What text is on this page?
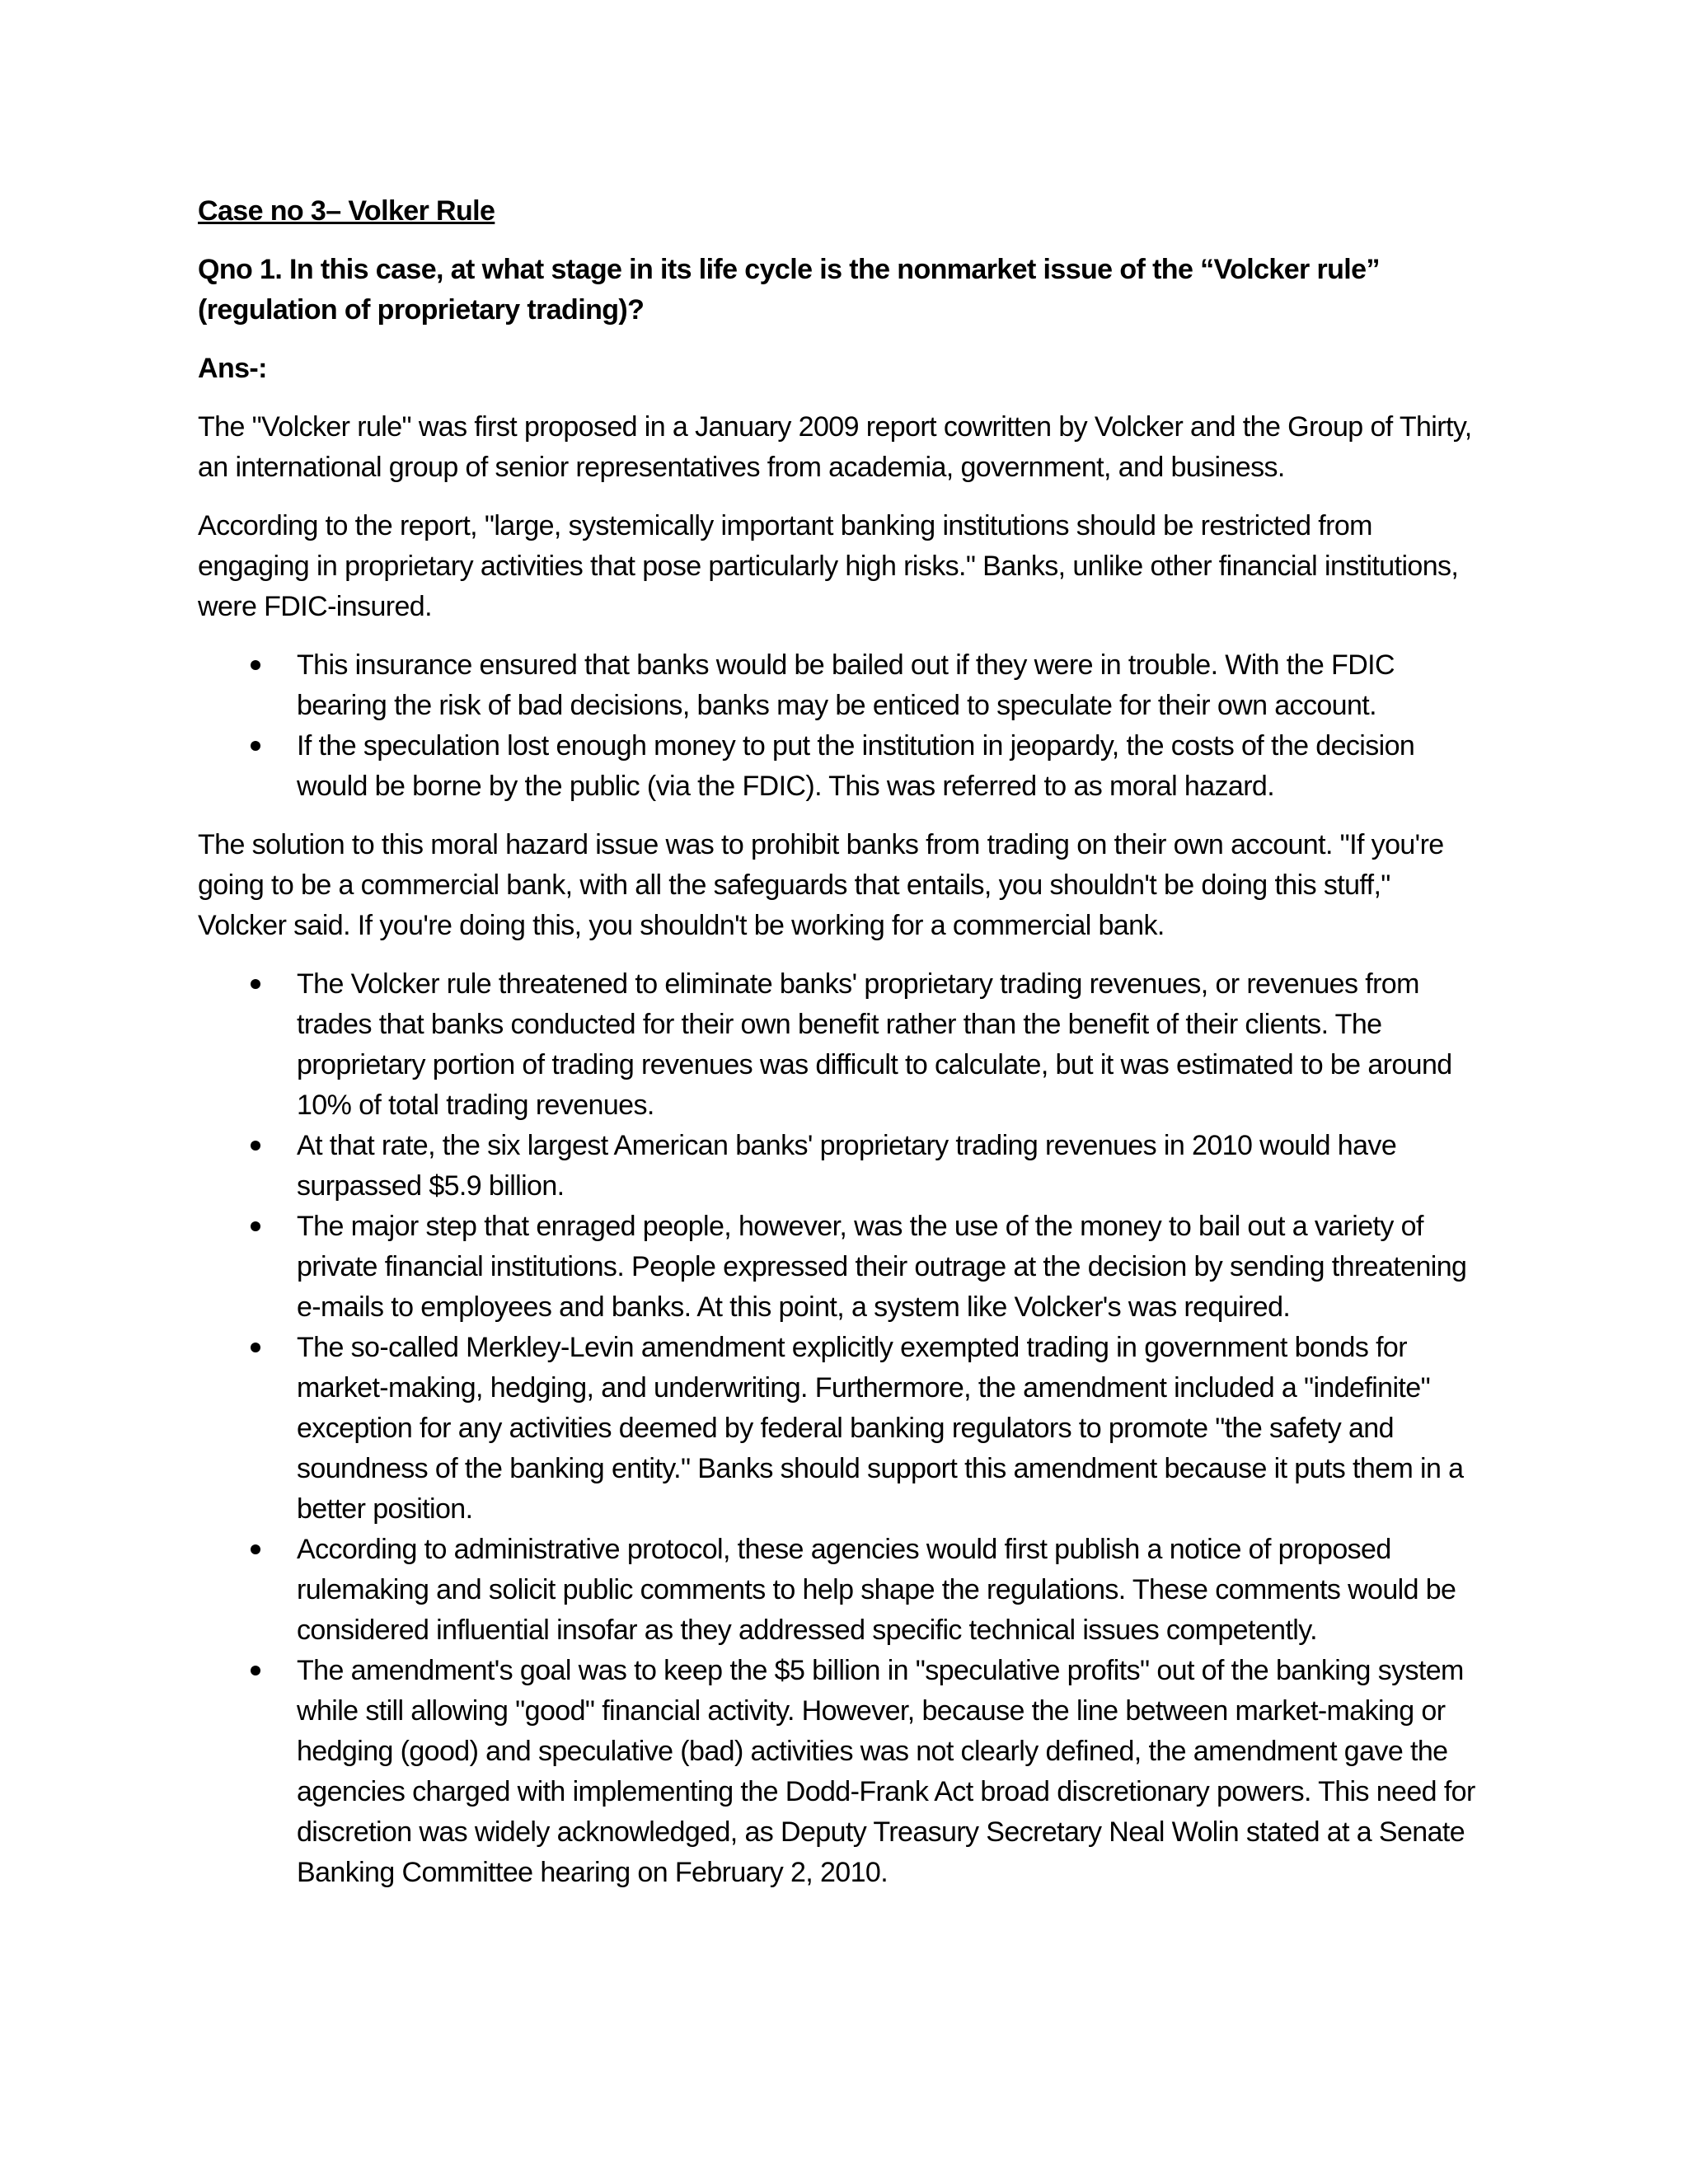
Case no 3– Volker Rule
Qno 1. In this case, at what stage in its life cycle is the nonmarket issue of the “Volcker rule” (regulation of proprietary trading)?
Ans-:

The "Volcker rule" was first proposed in a January 2009 report cowritten by Volcker and the Group of Thirty, an international group of senior representatives from academia, government, and business.

According to the report, "large, systemically important banking institutions should be restricted from engaging in proprietary activities that pose particularly high risks." Banks, unlike other financial institutions, were FDIC-insured.

This insurance ensured that banks would be bailed out if they were in trouble. With the FDIC bearing the risk of bad decisions, banks may be enticed to speculate for their own account.
If the speculation lost enough money to put the institution in jeopardy, the costs of the decision would be borne by the public (via the FDIC). This was referred to as moral hazard.

The solution to this moral hazard issue was to prohibit banks from trading on their own account. "If you're going to be a commercial bank, with all the safeguards that entails, you shouldn't be doing this stuff," Volcker said. If you're doing this, you shouldn't be working for a commercial bank.

The Volcker rule threatened to eliminate banks' proprietary trading revenues, or revenues from trades that banks conducted for their own benefit rather than the benefit of their clients. The proprietary portion of trading revenues was difficult to calculate, but it was estimated to be around 10% of total trading revenues.
At that rate, the six largest American banks' proprietary trading revenues in 2010 would have surpassed $5.9 billion.
The major step that enraged people, however, was the use of the money to bail out a variety of private financial institutions. People expressed their outrage at the decision by sending threatening e-mails to employees and banks. At this point, a system like Volcker's was required.
The so-called Merkley-Levin amendment explicitly exempted trading in government bonds for market-making, hedging, and underwriting. Furthermore, the amendment included a "indefinite" exception for any activities deemed by federal banking regulators to promote "the safety and soundness of the banking entity." Banks should support this amendment because it puts them in a better position.
According to administrative protocol, these agencies would first publish a notice of proposed rulemaking and solicit public comments to help shape the regulations. These comments would be considered influential insofar as they addressed specific technical issues competently.
The amendment's goal was to keep the $5 billion in "speculative profits" out of the banking system while still allowing "good" financial activity. However, because the line between market-making or hedging (good) and speculative (bad) activities was not clearly defined, the amendment gave the agencies charged with implementing the Dodd-Frank Act broad discretionary powers. This need for discretion was widely acknowledged, as Deputy Treasury Secretary Neal Wolin stated at a Senate Banking Committee hearing on February 2, 2010.
